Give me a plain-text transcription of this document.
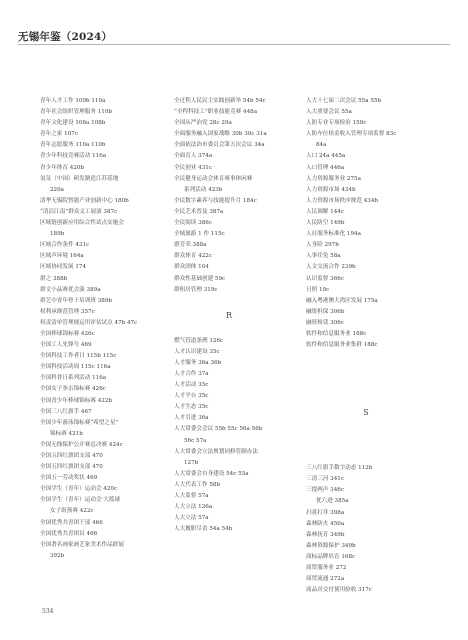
无锡年鉴（2024）
青年人才工作 109b 110a
青年社会组织管理服务 110b
青年文化建设 108a 108b
青年之家 107c
青年志愿服务 110a 110b
青少年科技竞赛活动 116a
青少年体育 420b
氢氘（中国）研发制造江苏基地
220a
清华无锡院智能产业创新中心 180b
“清洁江南”群众义工展演 387c
区域链创新应用综合性试点实施会
189b
区域合作条件 431c
区域声环境 164a
区域协同发展 174
群之 388b
群文小品赛优会演 389a
群艺中青年骨干培训班 389b
权利承规范管理 357c
权责清单管理规运用评估试点 47b 47c
全国棒球锦标赛 426c
全国工人先锋号 469
全国科技工作者日 115b 115c
全国科技活动周 115c 116a
全国科普日系列活动 116a
全国女子拳击锦标赛 426c
全国青少年棒球锦标赛 422b
全国三八红旗手 467
全国少年游泳锦标赛“希望之星”
锦标赛 421b
全国无线保护公开赛总决赛 424c
全国五四红旗团支部 470
全国五四红旗团支部 470
全国五一劳动奖状 469
全国学生（青年）运动会 420c
全国学生（青年）运动会·大篮球
女子组预赛 422c
全国优秀共青团干部 466
全国优秀共青团员 466
全国著名画家画艺家美术作品联展
392b
全过程人民民主实践创新举 54b 54c
“全程科技工”职业技能竞赛 448a
全国从严治党 28c 29a
全面服务融入国家战略 30b 30c 31a
全面依法治市委员会第五次会议 34a
全面育人 374a
全民创业 431c
全民健身运动会体育赛事体闲赛
系列活动 423b
全民数字素养与技能提升月 184c
全民艺术普及 387a
全民阅读 386c
全域旅游 1 作 115c
群芳荣 388a
群众体育 422c
群众团体 104
群众性基础创建 59c
群租房管理 319c
R
燃气管道条例 126c
人才认识建设 35c
人才服务 36a 36b
人才合作 37a
人才活动 35c
人才平台 35c
人才生态 35c
人才引进 36a
人大常委会会议 55b 55c 56a 56b
56c 57a
人大常委会立法规划同修管制办法
127b
人大常委会自身建设 54c 55a
人大代表工作 58b
人大监督 57a
人大立法 126a
人大立法 57a
人大履职尽责 54a 54b
人大十七届二次会议 55a 55b
人大重要会议 55a
人防专业专项检治 150c
人防车位租金收入管理专项监督 83c
84a
人口 24a 445a
人口管理 446a
人力资源服务业 275a
人力资源市场 434b
人力资源市场秩序规范 434b
人民调解 144c
人民防空 149b
人社服务标准化 194a
人身险 297b
人事任免 58a
人文交流合作 239b
认识监督 366c
日照 19c
融入粤港澳大湾区发展 175a
融资担保 306b
融资租赁 306c
软件和信息服务业 188c
软件和信息服务业集群 188c
S
三八红旗手数字动态 112b
三清三河 341c
三提两声 346c
优六进 385a
扫黄打非 398a
森林防火 450a
森林抚育 349b
森林资源保护 349b
商标品牌培育 168c
商贸服务业 272
商贸流通 272a
商品房交付使用验收 317c
534
